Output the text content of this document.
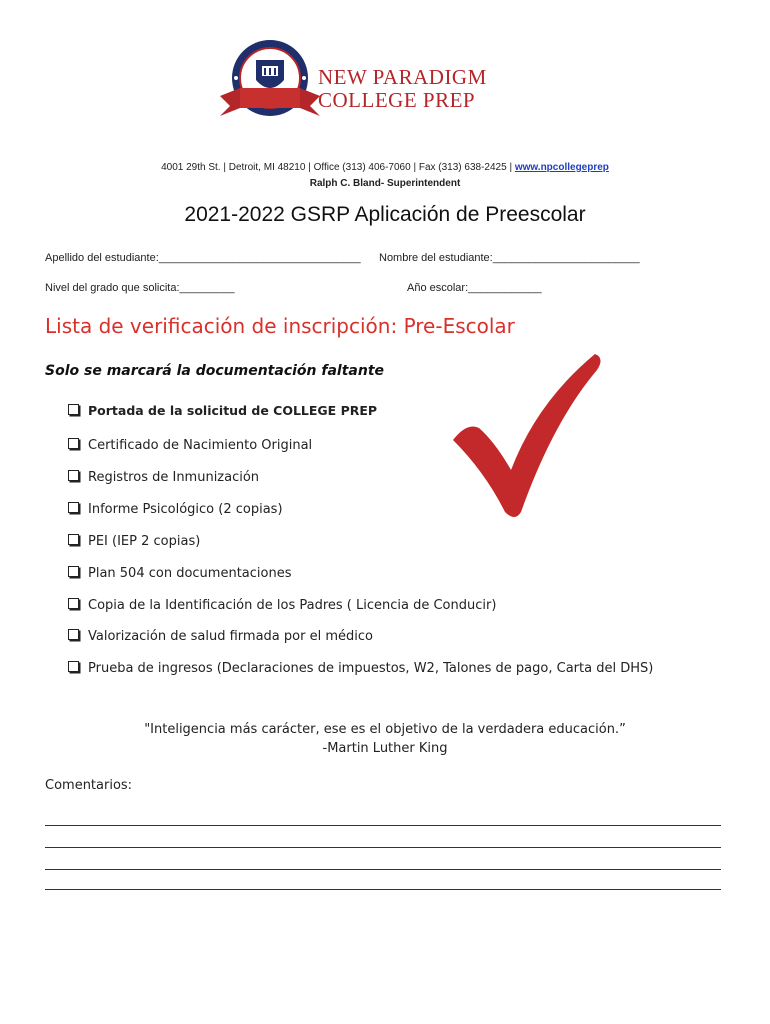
NEW PARADIGM
COLLEGE PREP
4001 29th St. | Detroit, MI 48210 | Office (313) 406-7060 | Fax (313) 638-2425 | www.npcollegeprep
Ralph C. Bland- Superintendent
2021-2022 GSRP Aplicación de Preescolar
Apellido del estudiante:_________________________________ Nombre del estudiante:________________________
Nivel del grado que solicita:_________	Año escolar:____________
Lista de verificación de inscripción: Pre-Escolar
Solo se marcará la documentación faltante
Portada de la solicitud de COLLEGE PREP
Certificado de Nacimiento Original
Registros de Inmunización
Informe Psicológico (2 copias)
PEI (IEP 2 copias)
Plan 504 con documentaciones
Copia de la Identificación de los Padres ( Licencia de Conducir)
Valorización de salud firmada por el médico
Prueba de ingresos (Declaraciones de impuestos, W2, Talones de pago, Carta del DHS)
"Inteligencia más carácter, ese es el objetivo de la verdadera educación.”
-Martin Luther King
Comentarios:
